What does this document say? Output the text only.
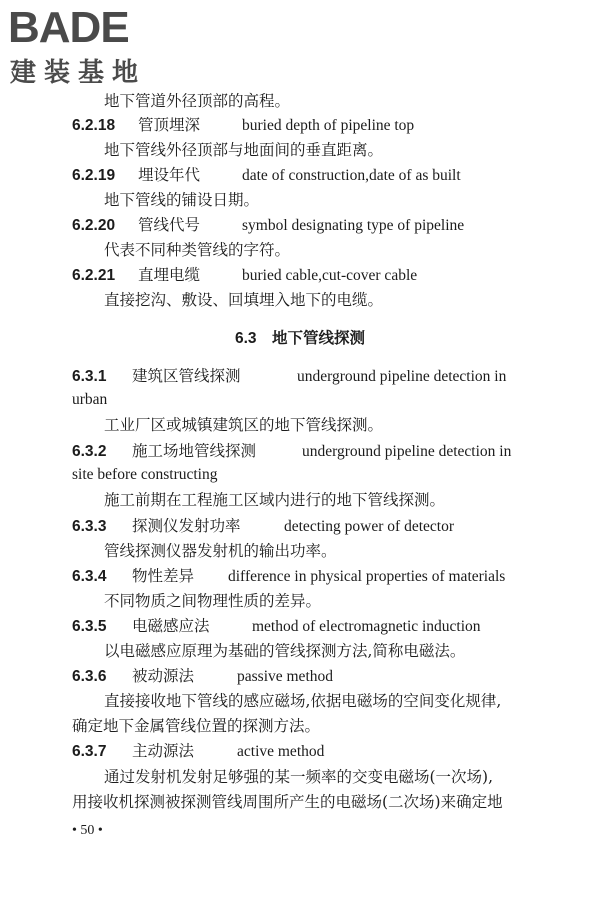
BADE
建装基地
地下管道外径顶部的高程。
6.2.18 管顶埋深	buried depth of pipeline top
地下管线外径顶部与地面间的垂直距离。
6.2.19 埋设年代	date of construction,date of as built
地下管线的铺设日期。
6.2.20 管线代号	symbol designating type of pipeline
代表不同种类管线的字符。
6.2.21 直埋电缆	buried cable,cut-cover cable
直接挖沟、敷设、回填埋入地下的电缆。
6.3  地下管线探测
6.3.1 建筑区管线探测	underground pipeline detection in
urban
工业厂区或城镇建筑区的地下管线探测。
6.3.2 施工场地管线探测	underground pipeline detection in
site before constructing
施工前期在工程施工区域内进行的地下管线探测。
6.3.3 探测仪发射功率	detecting power of detector
管线探测仪器发射机的输出功率。
6.3.4 物性差异 difference in physical properties of materials
不同物质之间物理性质的差异。
6.3.5 电磁感应法	method of electromagnetic induction
以电磁感应原理为基础的管线探测方法,简称电磁法。
6.3.6 被动源法	passive method
直接接收地下管线的感应磁场,依据电磁场的空间变化规律,
确定地下金属管线位置的探测方法。
6.3.7 主动源法	active method
通过发射机发射足够强的某一频率的交变电磁场(一次场),
用接收机探测被探测管线周围所产生的电磁场(二次场)来确定地
• 50 •
